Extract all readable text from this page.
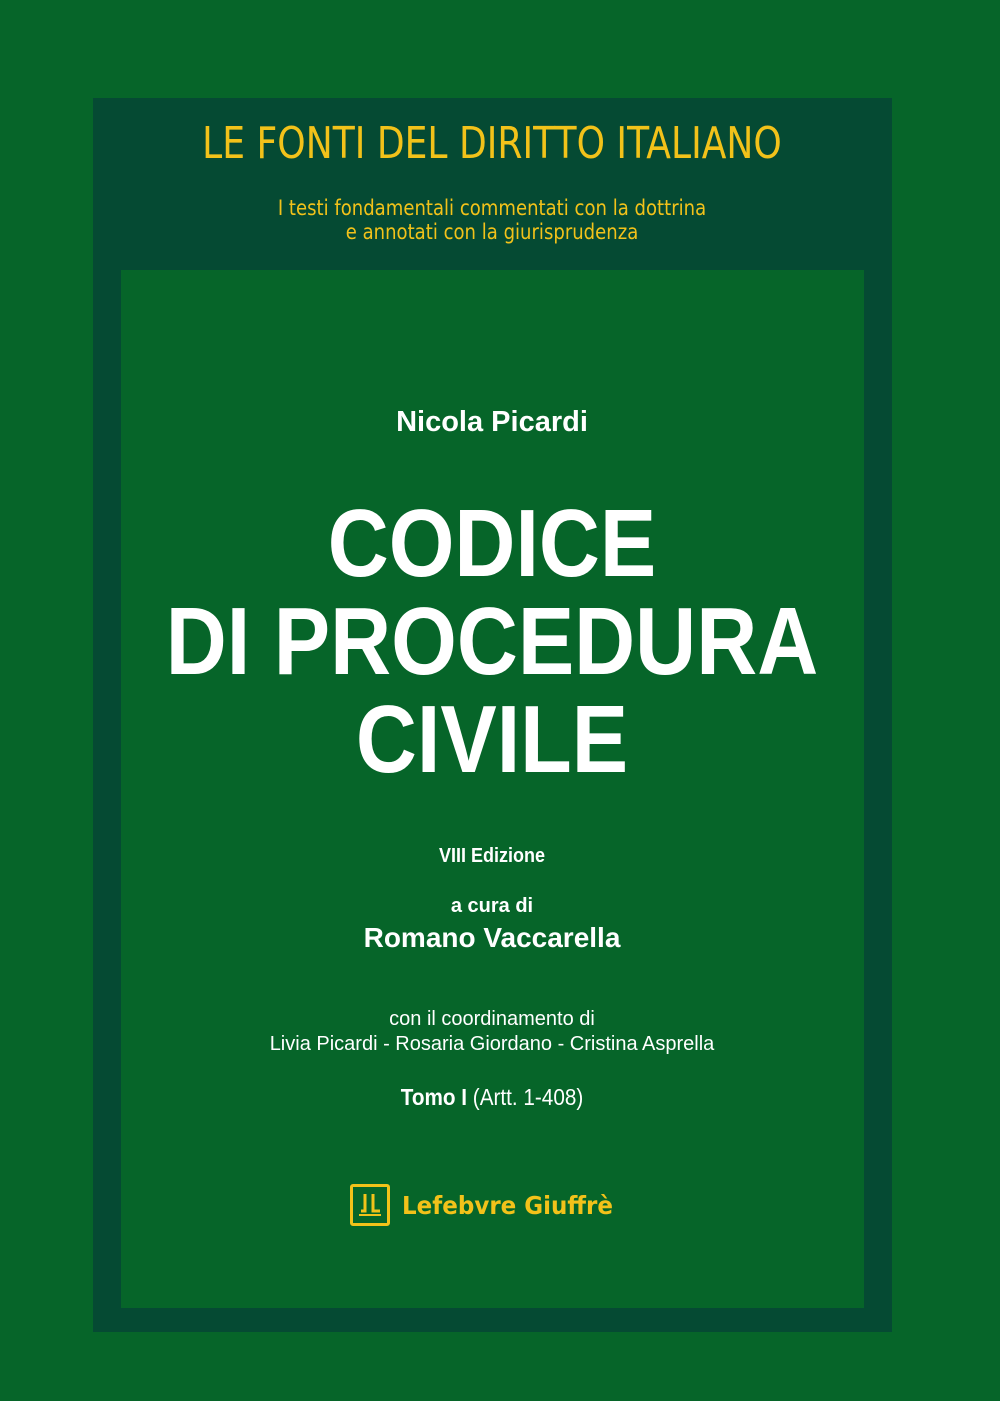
LE FONTI DEL DIRITTO ITALIANO
I testi fondamentali commentati con la dottrina
e annotati con la giurisprudenza
Nicola Picardi
CODICE
DI PROCEDURA
CIVILE
VIII Edizione
a cura di
Romano Vaccarella
con il coordinamento di
Livia Picardi - Rosaria Giordano - Cristina Asprella
Tomo I (Artt. 1-408)
Lefebvre Giuffrè
